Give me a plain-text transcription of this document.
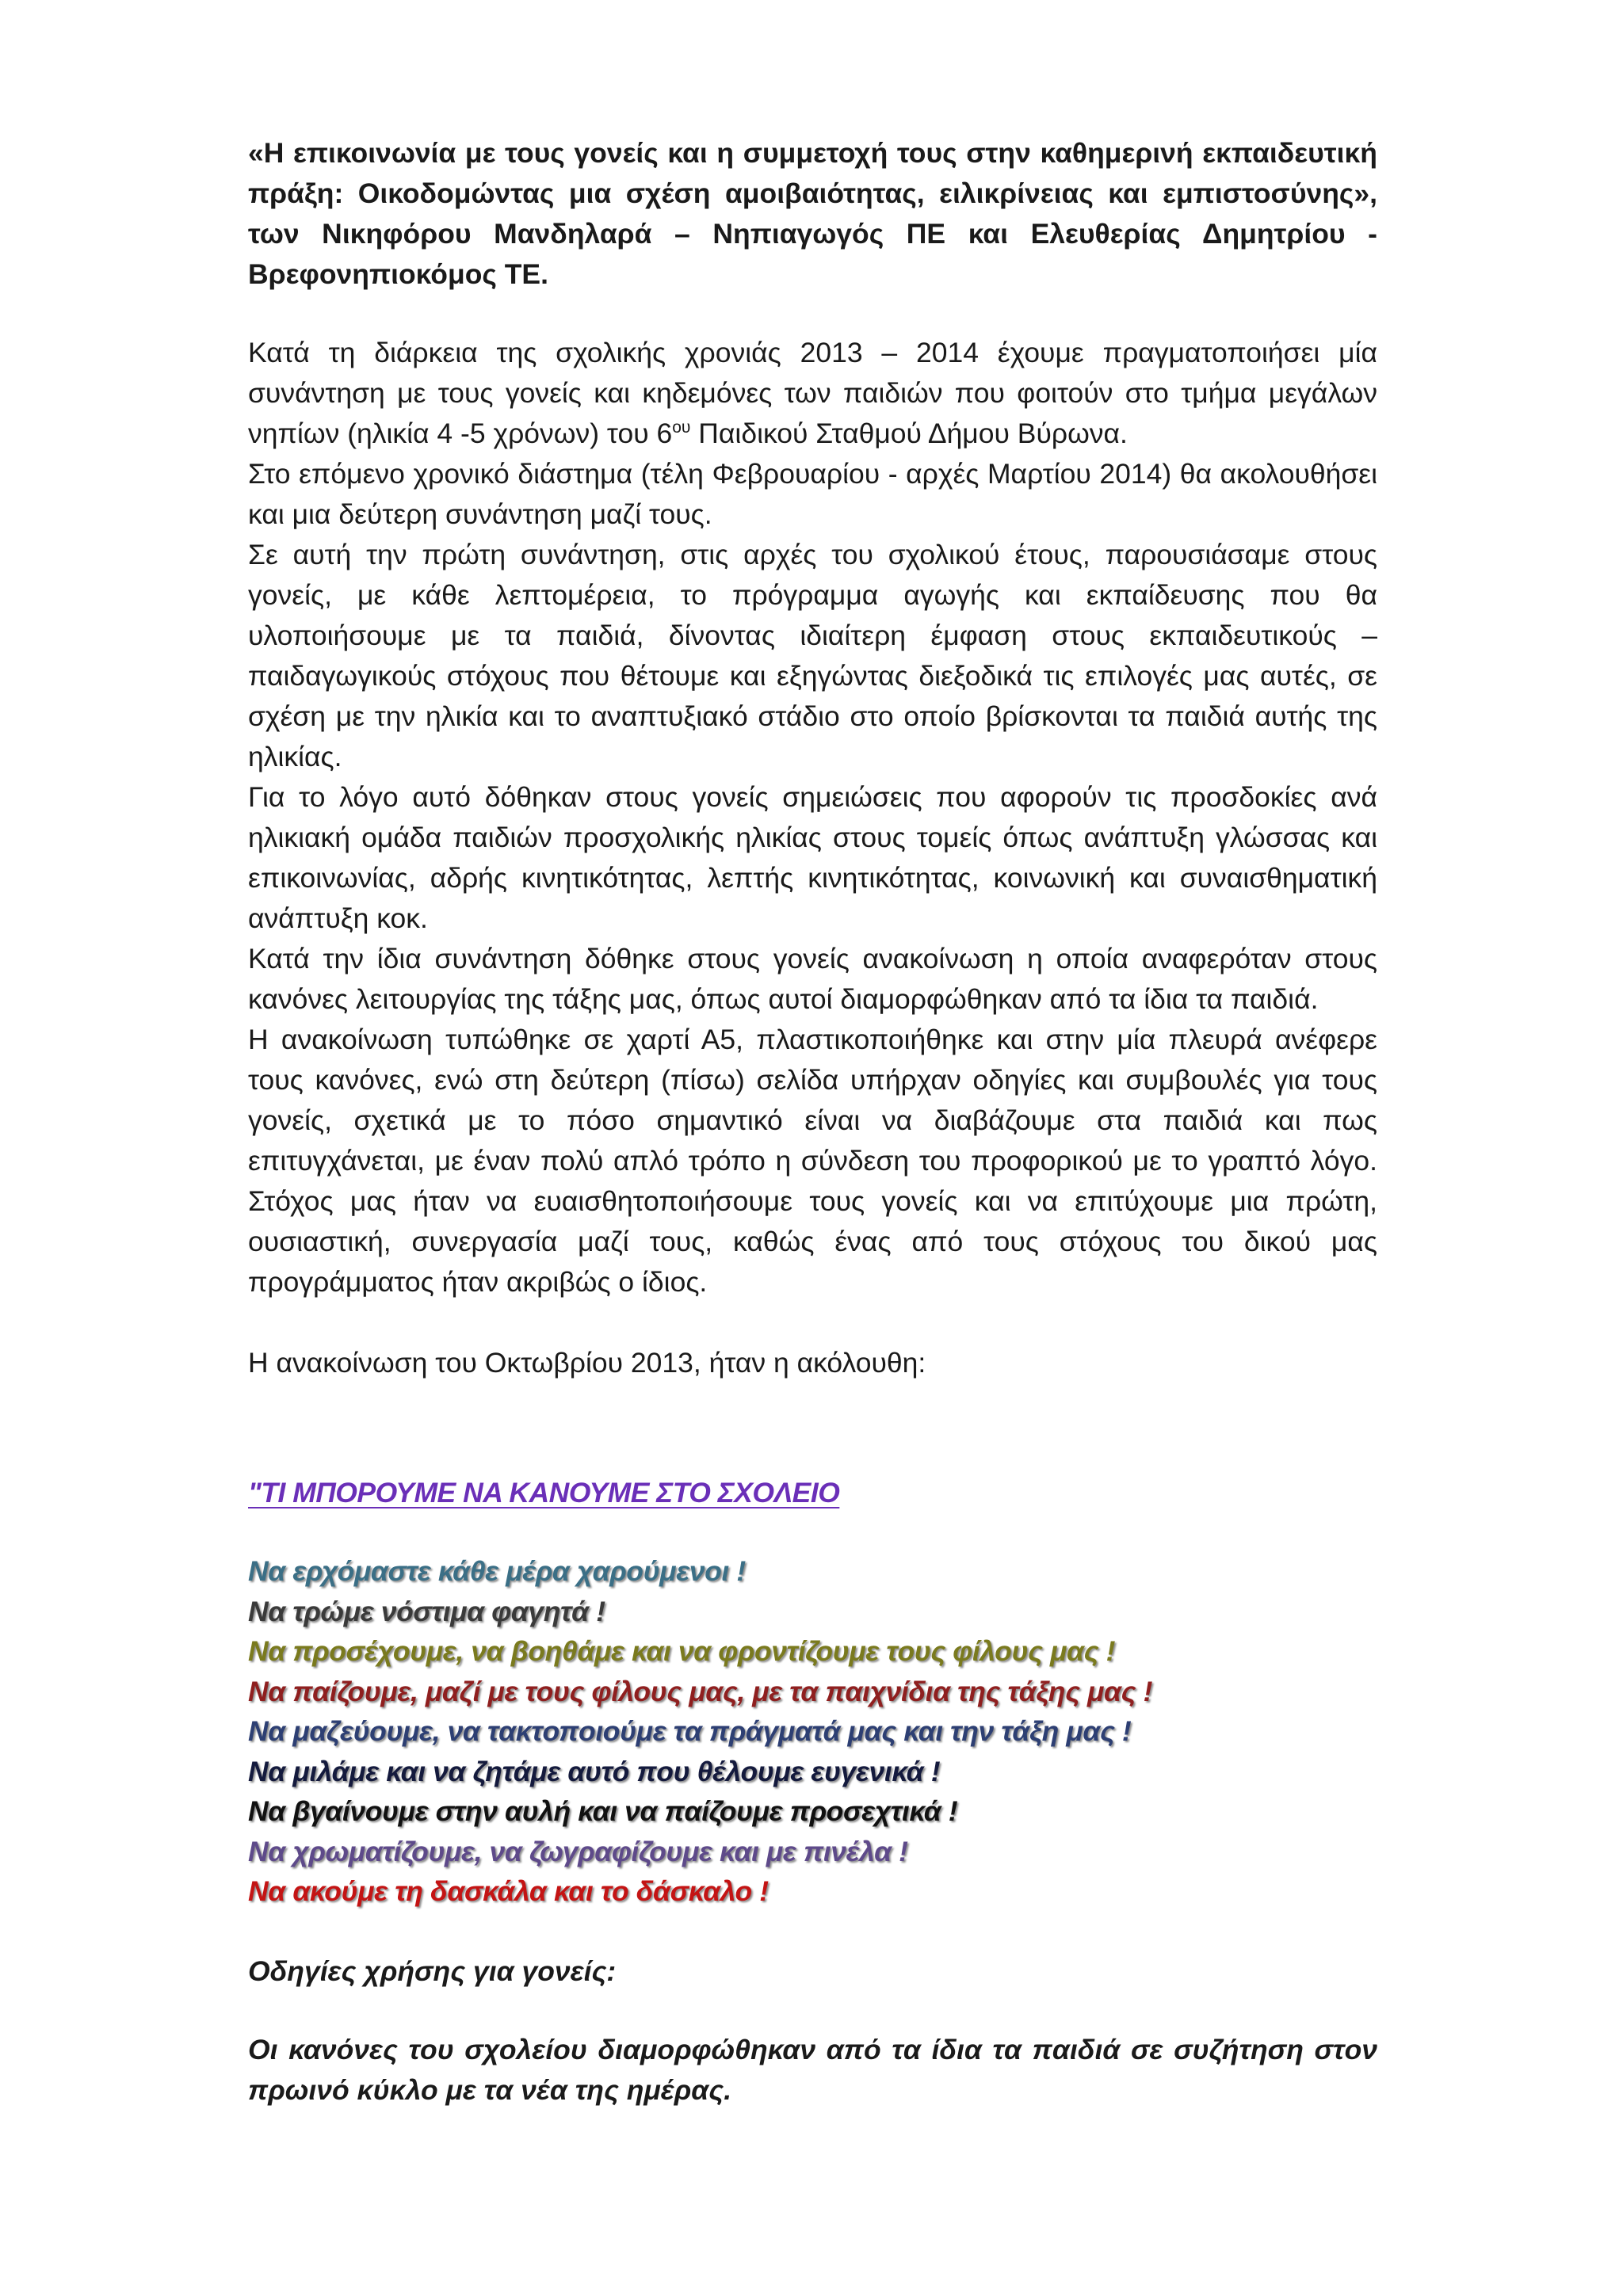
«Η επικοινωνία με τους γονείς και η συμμετοχή τους στην καθημερινή εκπαιδευτική πράξη: Οικοδομώντας μια σχέση αμοιβαιότητας, ειλικρίνειας και εμπιστοσύνης», των Νικηφόρου Μανδηλαρά – Νηπιαγωγός ΠΕ και Ελευθερίας Δημητρίου - Βρεφονηπιοκόμος ΤΕ.

Κατά τη διάρκεια της σχολικής χρονιάς 2013 – 2014 έχουμε πραγματοποιήσει μία συνάντηση με τους γονείς και κηδεμόνες των παιδιών που φοιτούν στο τμήμα μεγάλων νηπίων (ηλικία 4 -5 χρόνων) του $6^{o\upsilon}$ Παιδικού Σταθμού Δήμου Βύρωνα.

Στο επόμενο χρονικό διάστημα (τέλη Φεβρουαρίου - αρχές Μαρτίου 2014) θα ακολουθήσει και μια δεύτερη συνάντηση μαζί τους.

Σε αυτή την πρώτη συνάντηση, στις αρχές του σχολικού έτους, παρουσιάσαμε στους γονείς, με κάθε λεπτομέρεια, το πρόγραμμα αγωγής και εκπαίδευσης που θα υλοποιήσουμε με τα παιδιά, δίνοντας ιδιαίτερη έμφαση στους εκπαιδευτικούς – παιδαγωγικούς στόχους που θέτουμε και εξηγώντας διεξοδικά τις επιλογές μας αυτές, σε σχέση με την ηλικία και το αναπτυξιακό στάδιο στο οποίο βρίσκονται τα παιδιά αυτής της ηλικίας.

Για το λόγο αυτό δόθηκαν στους γονείς σημειώσεις που αφορούν τις προσδοκίες ανά ηλικιακή ομάδα παιδιών προσχολικής ηλικίας στους τομείς όπως ανάπτυξη γλώσσας και επικοινωνίας, αδρής κινητικότητας, λεπτής κινητικότητας, κοινωνική και συναισθηματική ανάπτυξη κοκ.

Κατά την ίδια συνάντηση δόθηκε στους γονείς ανακοίνωση η οποία αναφερόταν στους κανόνες λειτουργίας της τάξης μας, όπως αυτοί διαμορφώθηκαν από τα ίδια τα παιδιά.

Η ανακοίνωση τυπώθηκε σε χαρτί Α5, πλαστικοποιήθηκε και στην μία πλευρά ανέφερε τους κανόνες, ενώ στη δεύτερη (πίσω) σελίδα υπήρχαν οδηγίες και συμβουλές για τους γονείς, σχετικά με το πόσο σημαντικό είναι να διαβάζουμε στα παιδιά και πως επιτυγχάνεται, με έναν πολύ απλό τρόπο η σύνδεση του προφορικού με το γραπτό λόγο. Στόχος μας ήταν να ευαισθητοποιήσουμε τους γονείς και να επιτύχουμε μια πρώτη, ουσιαστική, συνεργασία μαζί τους, καθώς ένας από τους στόχους του δικού μας προγράμματος ήταν ακριβώς ο ίδιος.

Η ανακοίνωση του Οκτωβρίου 2013, ήταν η ακόλουθη:

"ΤΙ ΜΠΟΡΟΥΜΕ ΝΑ ΚΑΝΟΥΜΕ ΣΤΟ ΣΧΟΛΕΙΟ

Να ερχόμαστε κάθε μέρα χαρούμενοι !

Να τρώμε νόστιμα φαγητά !

Να προσέχουμε, να βοηθάμε και να φροντίζουμε τους φίλους μας !

Να παίζουμε, μαζί με τους φίλους μας, με τα παιχνίδια της τάξης μας !

Να μαζεύουμε, να τακτοποιούμε τα πράγματά μας και την τάξη μας !

Να μιλάμε και να ζητάμε αυτό που θέλουμε ευγενικά !

Να βγαίνουμε στην αυλή και να παίζουμε προσεχτικά !

Να χρωματίζουμε, να ζωγραφίζουμε και με πινέλα !

Να ακούμε τη δασκάλα και το δάσκαλο !

Οδηγίες χρήσης για γονείς:

Οι κανόνες του σχολείου διαμορφώθηκαν από τα ίδια τα παιδιά σε συζήτηση στον πρωινό κύκλο με τα νέα της ημέρας.
